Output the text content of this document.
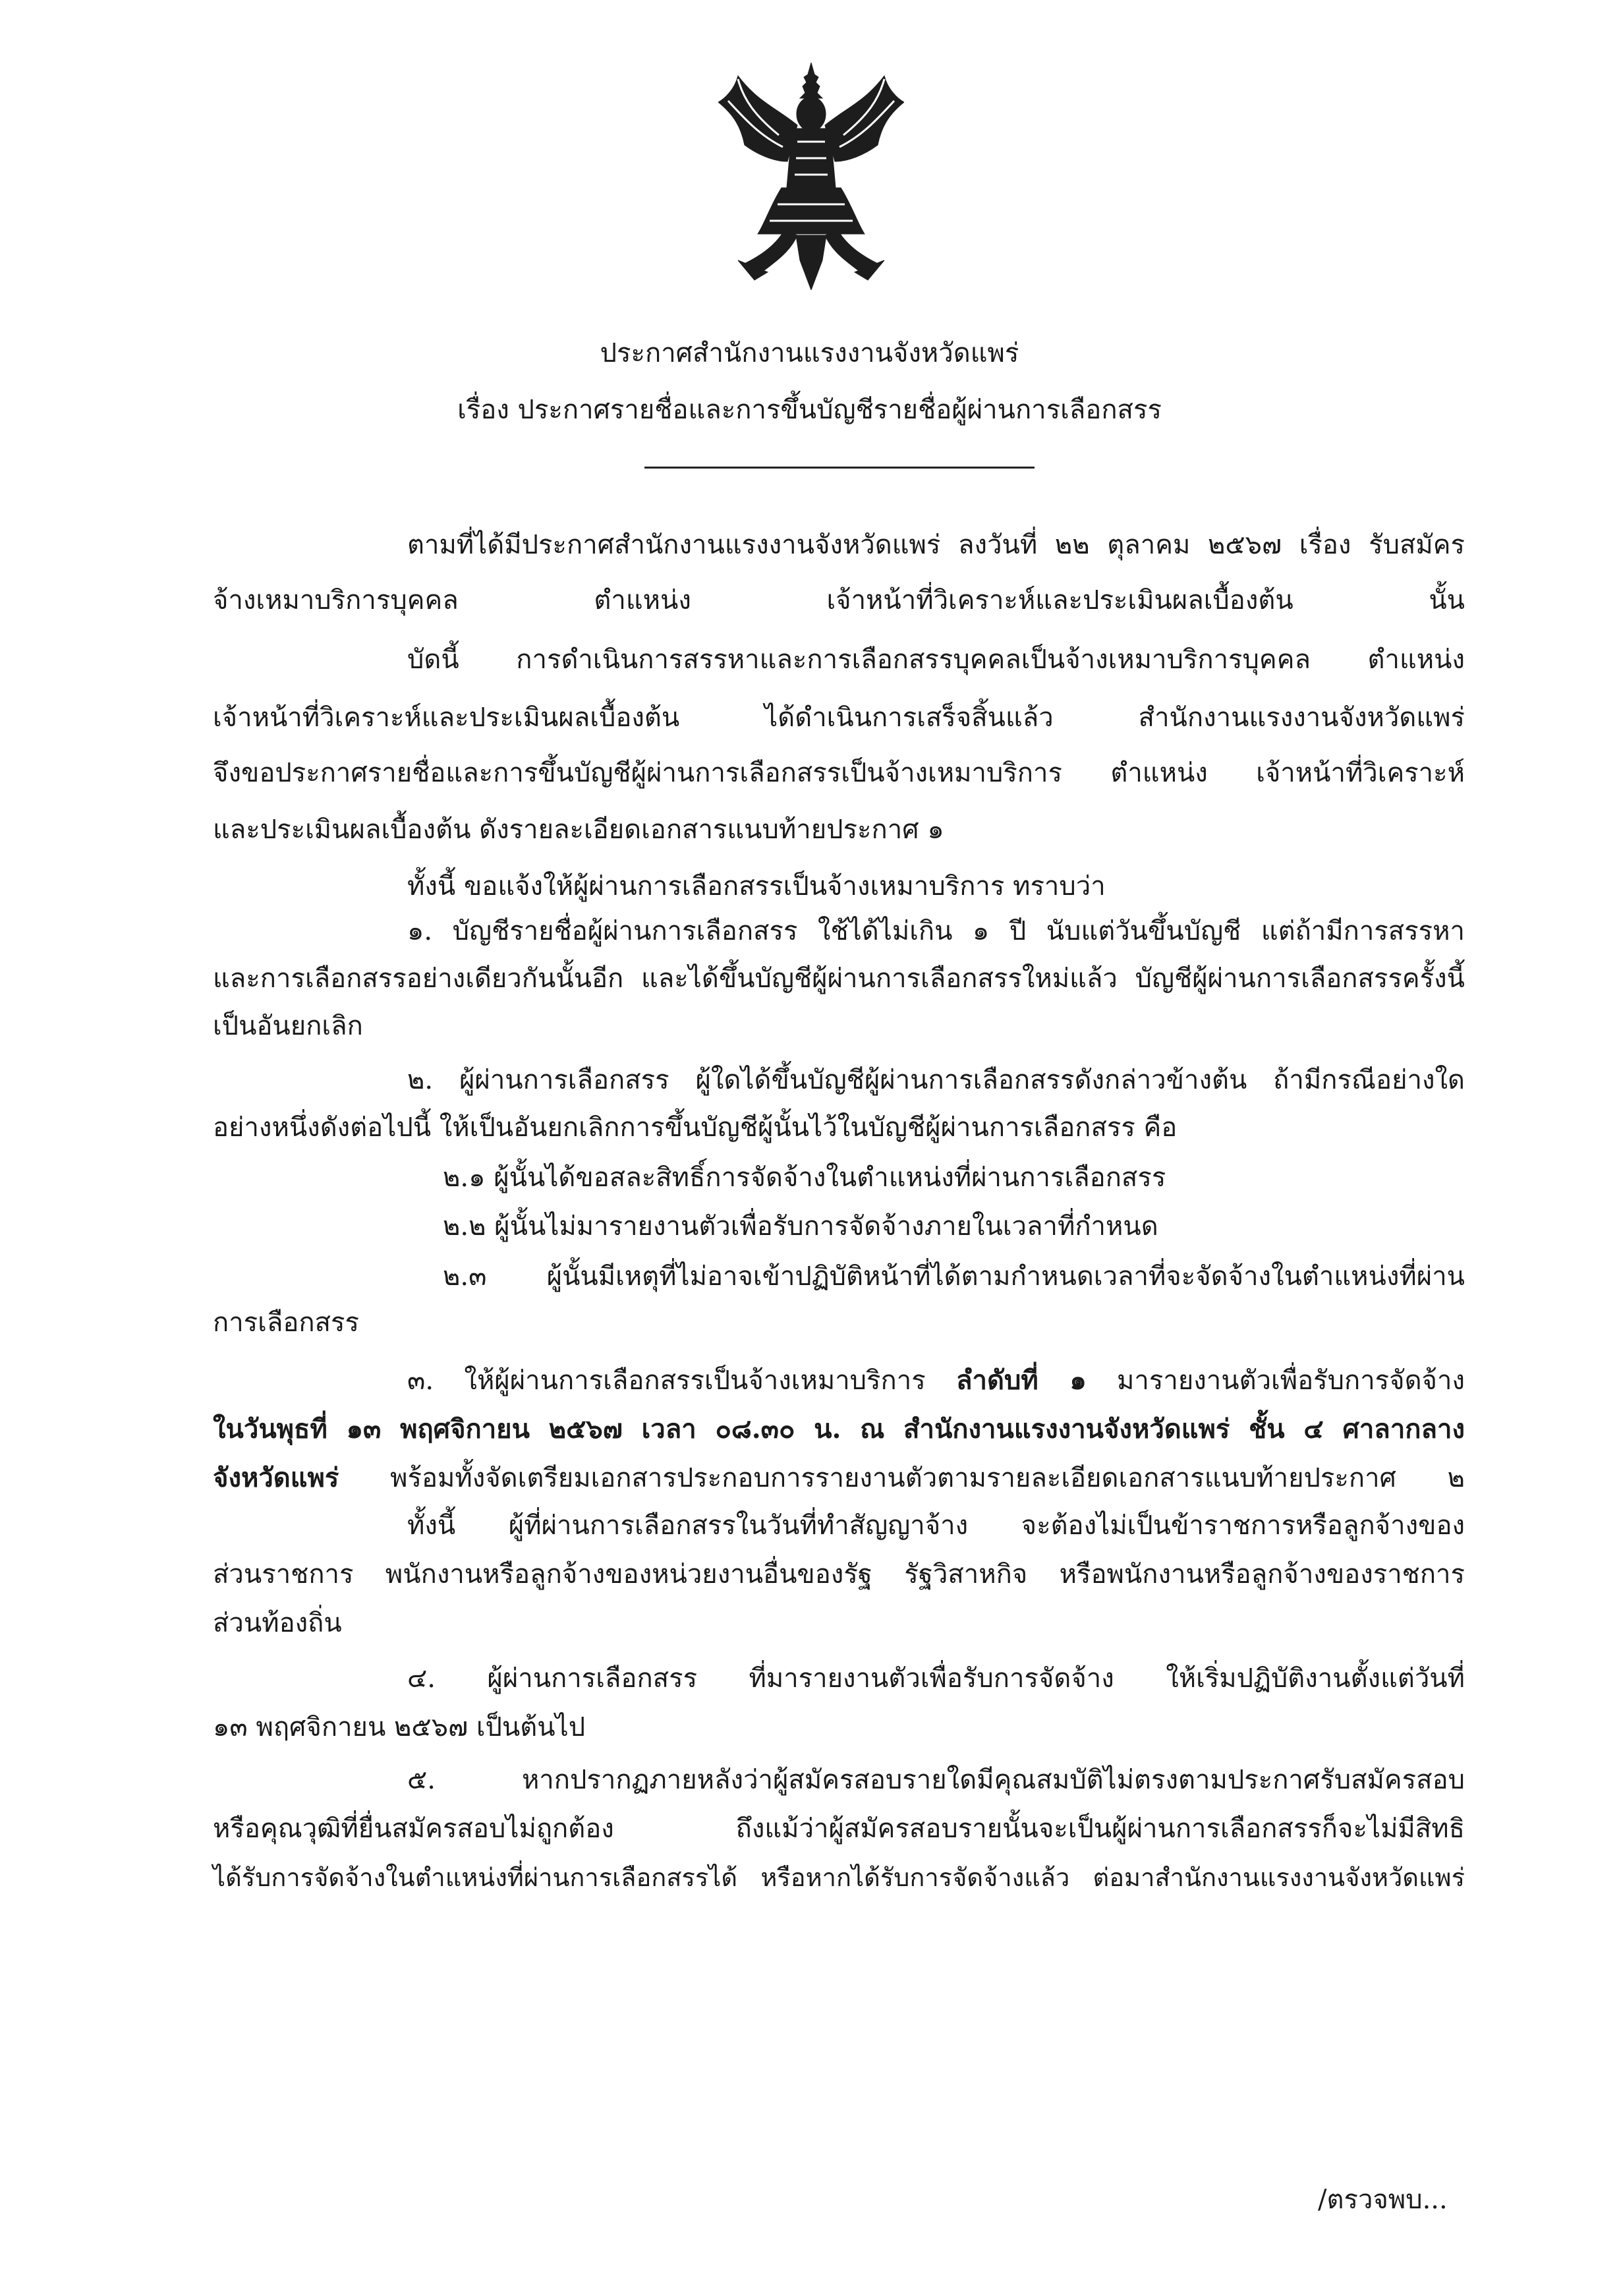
ประกาศสำนักงานแรงงานจังหวัดแพร่
เรื่อง ประกาศรายชื่อและการขึ้นบัญชีรายชื่อผู้ผ่านการเลือกสรร
ตามที่ได้มีประกาศสำนักงานแรงงานจังหวัดแพร่ ลงวันที่ ๒๒ ตุลาคม ๒๕๖๗ เรื่อง รับสมัคร
จ้างเหมาบริการบุคคล ตำแหน่ง เจ้าหน้าที่วิเคราะห์และประเมินผลเบื้องต้น นั้น
บัดนี้ การดำเนินการสรรหาและการเลือกสรรบุคคลเป็นจ้างเหมาบริการบุคคล ตำแหน่ง
เจ้าหน้าที่วิเคราะห์และประเมินผลเบื้องต้น ได้ดำเนินการเสร็จสิ้นแล้ว สำนักงานแรงงานจังหวัดแพร่
จึงขอประกาศรายชื่อและการขึ้นบัญชีผู้ผ่านการเลือกสรรเป็นจ้างเหมาบริการ ตำแหน่ง เจ้าหน้าที่วิเคราะห์
และประเมินผลเบื้องต้น ดังรายละเอียดเอกสารแนบท้ายประกาศ ๑
ทั้งนี้ ขอแจ้งให้ผู้ผ่านการเลือกสรรเป็นจ้างเหมาบริการ ทราบว่า
๑. บัญชีรายชื่อผู้ผ่านการเลือกสรร ใช้ได้ไม่เกิน ๑ ปี นับแต่วันขึ้นบัญชี แต่ถ้ามีการสรรหา
และการเลือกสรรอย่างเดียวกันนั้นอีก และได้ขึ้นบัญชีผู้ผ่านการเลือกสรรใหม่แล้ว บัญชีผู้ผ่านการเลือกสรรครั้งนี้
เป็นอันยกเลิก
๒. ผู้ผ่านการเลือกสรร ผู้ใดได้ขึ้นบัญชีผู้ผ่านการเลือกสรรดังกล่าวข้างต้น ถ้ามีกรณีอย่างใด
อย่างหนึ่งดังต่อไปนี้ ให้เป็นอันยกเลิกการขึ้นบัญชีผู้นั้นไว้ในบัญชีผู้ผ่านการเลือกสรร คือ
๒.๑ ผู้นั้นได้ขอสละสิทธิ์การจัดจ้างในตำแหน่งที่ผ่านการเลือกสรร
๒.๒ ผู้นั้นไม่มารายงานตัวเพื่อรับการจัดจ้างภายในเวลาที่กำหนด
๒.๓ ผู้นั้นมีเหตุที่ไม่อาจเข้าปฏิบัติหน้าที่ได้ตามกำหนดเวลาที่จะจัดจ้างในตำแหน่งที่ผ่าน
การเลือกสรร
๓. ให้ผู้ผ่านการเลือกสรรเป็นจ้างเหมาบริการ ลำดับที่ ๑ มารายงานตัวเพื่อรับการจัดจ้าง
ในวันพุธที่ ๑๓ พฤศจิกายน ๒๕๖๗ เวลา ๐๘.๓๐ น. ณ สำนักงานแรงงานจังหวัดแพร่ ชั้น ๔ ศาลากลาง
จังหวัดแพร่ พร้อมทั้งจัดเตรียมเอกสารประกอบการรายงานตัวตามรายละเอียดเอกสารแนบท้ายประกาศ ๒
ทั้งนี้ ผู้ที่ผ่านการเลือกสรรในวันที่ทำสัญญาจ้าง จะต้องไม่เป็นข้าราชการหรือลูกจ้างของ
ส่วนราชการ พนักงานหรือลูกจ้างของหน่วยงานอื่นของรัฐ รัฐวิสาหกิจ หรือพนักงานหรือลูกจ้างของราชการ
ส่วนท้องถิ่น
๔. ผู้ผ่านการเลือกสรร ที่มารายงานตัวเพื่อรับการจัดจ้าง ให้เริ่มปฏิบัติงานตั้งแต่วันที่
๑๓ พฤศจิกายน ๒๕๖๗ เป็นต้นไป
๕. หากปรากฏภายหลังว่าผู้สมัครสอบรายใดมีคุณสมบัติไม่ตรงตามประกาศรับสมัครสอบ
หรือคุณวุฒิที่ยื่นสมัครสอบไม่ถูกต้อง ถึงแม้ว่าผู้สมัครสอบรายนั้นจะเป็นผู้ผ่านการเลือกสรรก็จะไม่มีสิทธิ
ได้รับการจัดจ้างในตำแหน่งที่ผ่านการเลือกสรรได้ หรือหากได้รับการจัดจ้างแล้ว ต่อมาสำนักงานแรงงานจังหวัดแพร่
/ตรวจพบ...
